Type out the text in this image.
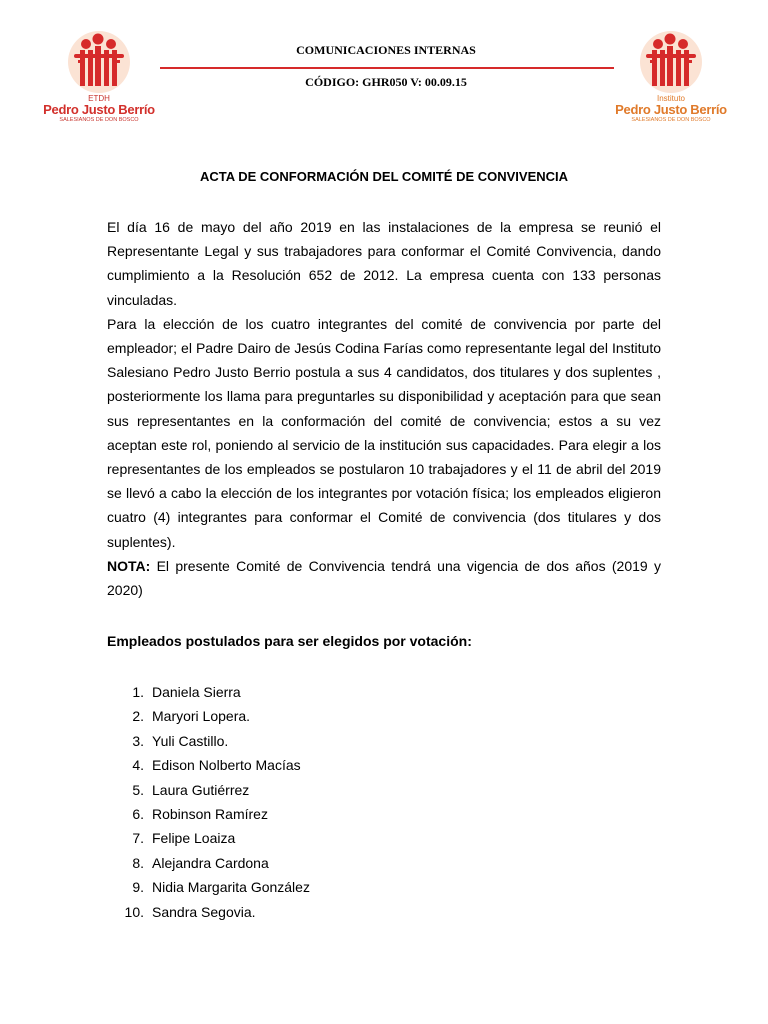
ETDH
Pedro Justo Berrío
SALESIANOS DE DON BOSCO
COMUNICACIONES INTERNAS
CÓDIGO: GHR050 V: 00.09.15
Instituto
Pedro Justo Berrío
SALESIANOS DE DON BOSCO
ACTA DE CONFORMACIÓN DEL COMITÉ DE CONVIVENCIA

El día 16 de mayo del año 2019 en las instalaciones de la empresa se reunió el Representante Legal y sus trabajadores para conformar el Comité Convivencia, dando cumplimiento a la Resolución 652 de 2012. La empresa cuenta con 133 personas vinculadas.

Para la elección de los cuatro integrantes del comité de convivencia por parte del empleador; el Padre Dairo de Jesús Codina Farías como representante legal del Instituto Salesiano Pedro Justo Berrio postula a sus 4 candidatos, dos titulares y dos suplentes , posteriormente los llama para preguntarles su disponibilidad y aceptación para que sean sus representantes en la conformación del comité de convivencia; estos a su vez aceptan este rol, poniendo al servicio de la institución sus capacidades. Para elegir a los representantes de los empleados se postularon 10 trabajadores y el 11 de abril del 2019 se llevó a cabo la elección de los integrantes por votación física; los empleados eligieron cuatro (4) integrantes para conformar el Comité de convivencia (dos titulares y dos suplentes).

NOTA: El presente Comité de Convivencia tendrá una vigencia de dos años (2019 y 2020)

Empleados postulados para ser elegidos por votación:
1. Daniela Sierra
2. Maryori Lopera.
3. Yuli Castillo.
4. Edison Nolberto Macías
5. Laura Gutiérrez
6. Robinson Ramírez
7. Felipe Loaiza
8. Alejandra Cardona
9. Nidia Margarita González
10. Sandra Segovia.
